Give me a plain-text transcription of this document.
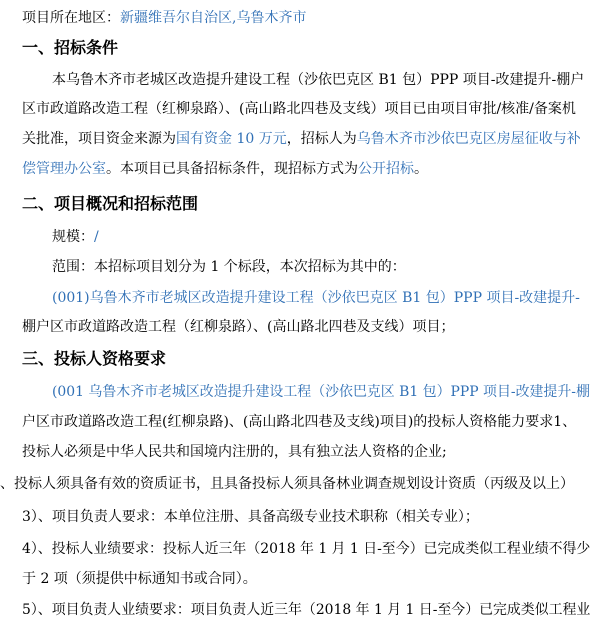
项目所在地区：新疆维吾尔自治区,乌鲁木齐市
一、招标条件
本乌鲁木齐市老城区改造提升建设工程（沙依巴克区 B1 包）PPP 项目-改建提升-棚户
区市政道路改造工程（红柳泉路）、(高山路北四巷及支线）项目已由项目审批/核准/备案机
关批准，项目资金来源为国有资金 10 万元，招标人为乌鲁木齐市沙依巴克区房屋征收与补
偿管理办公室。本项目已具备招标条件，现招标方式为公开招标。
二、项目概况和招标范围
规模：/
范围：本招标项目划分为 1 个标段，本次招标为其中的：
(001)乌鲁木齐市老城区改造提升建设工程（沙依巴克区 B1 包）PPP 项目-改建提升-
棚户区市政道路改造工程（红柳泉路）、(高山路北四巷及支线）项目；
三、投标人资格要求
(001 乌鲁木齐市老城区改造提升建设工程（沙依巴克区 B1 包）PPP 项目-改建提升-棚
户区市政道路改造工程(红柳泉路)、(高山路北四巷及支线)项目)的投标人资格能力要求1、
投标人必须是中华人民共和国境内注册的，具有独立法人资格的企业;
、投标人须具备有效的资质证书，且具备投标人须具备林业调查规划设计资质（丙级及以上）
3）、项目负责人要求：本单位注册、具备高级专业技术职称（相关专业）；
4）、投标人业绩要求：投标人近三年（2018 年 1 月 1 日-至今）已完成类似工程业绩不得少
于 2 项（须提供中标通知书或合同）。
5）、项目负责人业绩要求：项目负责人近三年（2018 年 1 月 1 日-至今）已完成类似工程业
